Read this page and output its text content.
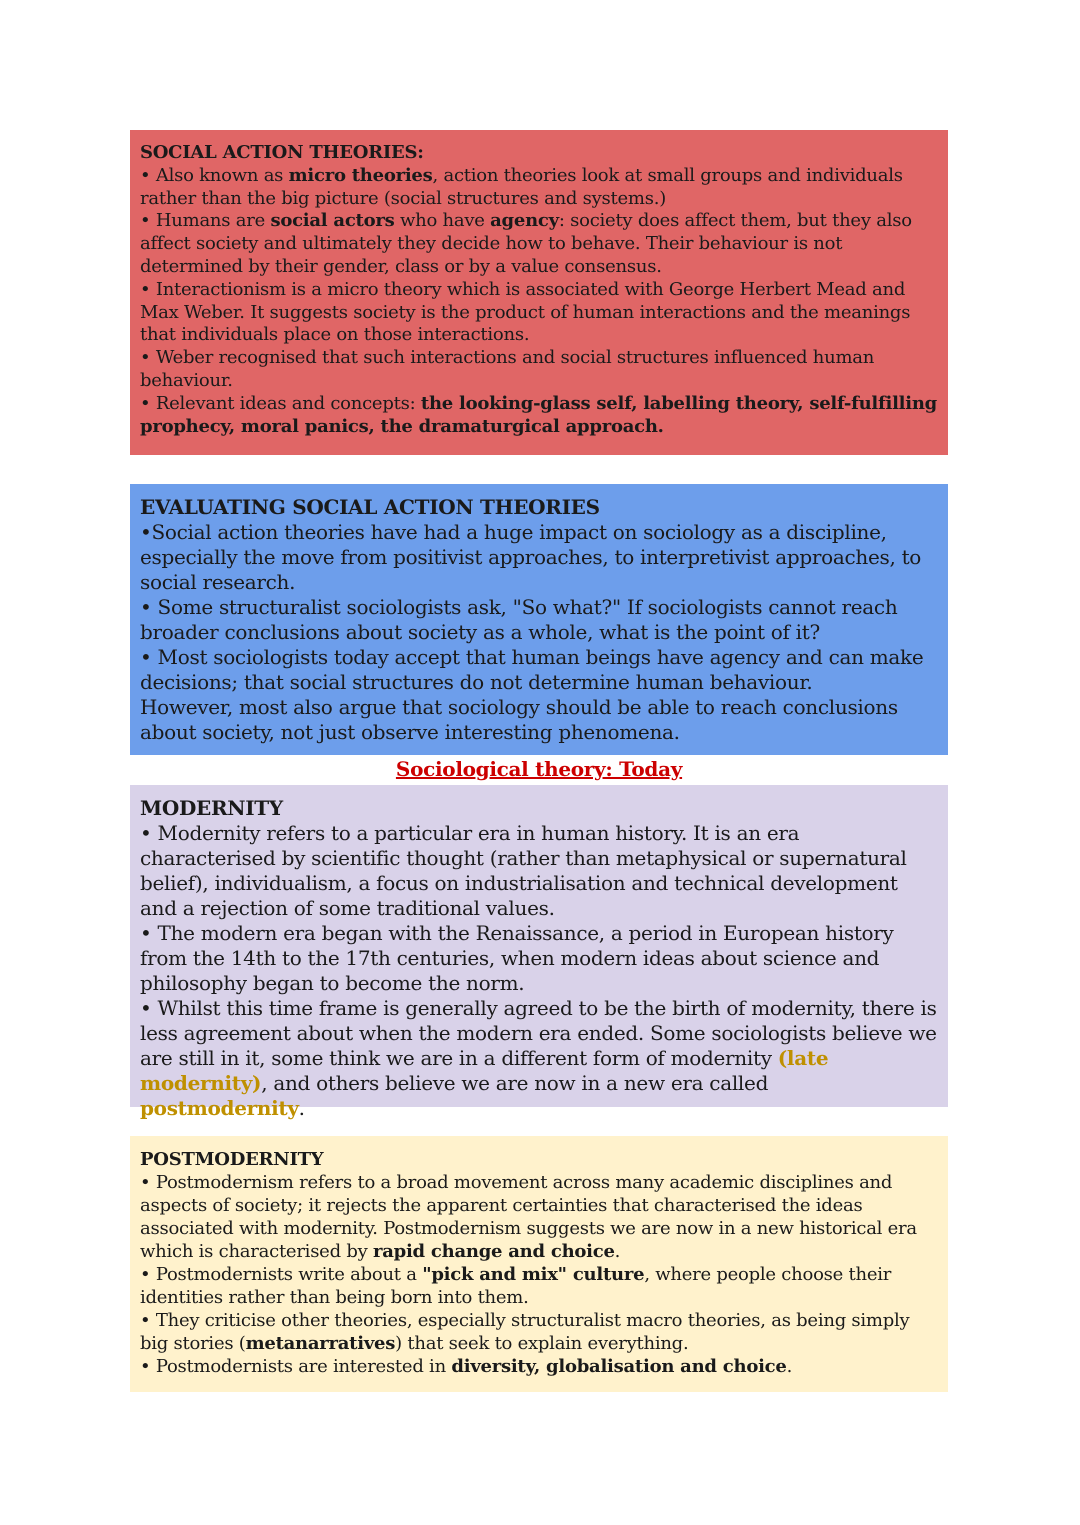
SOCIAL ACTION THEORIES:
• Also known as micro theories, action theories look at small groups and individuals rather than the big picture (social structures and systems.)
• Humans are social actors who have agency: society does affect them, but they also affect society and ultimately they decide how to behave. Their behaviour is not determined by their gender, class or by a value consensus.
• Interactionism is a micro theory which is associated with George Herbert Mead and Max Weber. It suggests society is the product of human interactions and the meanings that individuals place on those interactions.
• Weber recognised that such interactions and social structures influenced human behaviour.
• Relevant ideas and concepts: the looking-glass self, labelling theory, self-fulfilling prophecy, moral panics, the dramaturgical approach.
EVALUATING SOCIAL ACTION THEORIES
•Social action theories have had a huge impact on sociology as a discipline, especially the move from positivist approaches, to interpretivist approaches, to social research.
• Some structuralist sociologists ask, "So what?" If sociologists cannot reach broader conclusions about society as a whole, what is the point of it?
• Most sociologists today accept that human beings have agency and can make decisions; that social structures do not determine human behaviour.
However, most also argue that sociology should be able to reach conclusions about society, not just observe interesting phenomena.
Sociological theory: Today
MODERNITY
• Modernity refers to a particular era in human history. It is an era characterised by scientific thought (rather than metaphysical or supernatural belief), individualism, a focus on industrialisation and technical development and a rejection of some traditional values.
• The modern era began with the Renaissance, a period in European history from the 14th to the 17th centuries, when modern ideas about science and philosophy began to become the norm.
• Whilst this time frame is generally agreed to be the birth of modernity, there is less agreement about when the modern era ended. Some sociologists believe we are still in it, some think we are in a different form of modernity (late modernity), and others believe we are now in a new era called postmodernity.
POSTMODERNITY
• Postmodernism refers to a broad movement across many academic disciplines and aspects of society; it rejects the apparent certainties that characterised the ideas associated with modernity. Postmodernism suggests we are now in a new historical era which is characterised by rapid change and choice.
• Postmodernists write about a "pick and mix" culture, where people choose their identities rather than being born into them.
• They criticise other theories, especially structuralist macro theories, as being simply big stories (metanarratives) that seek to explain everything.
• Postmodernists are interested in diversity, globalisation and choice.
